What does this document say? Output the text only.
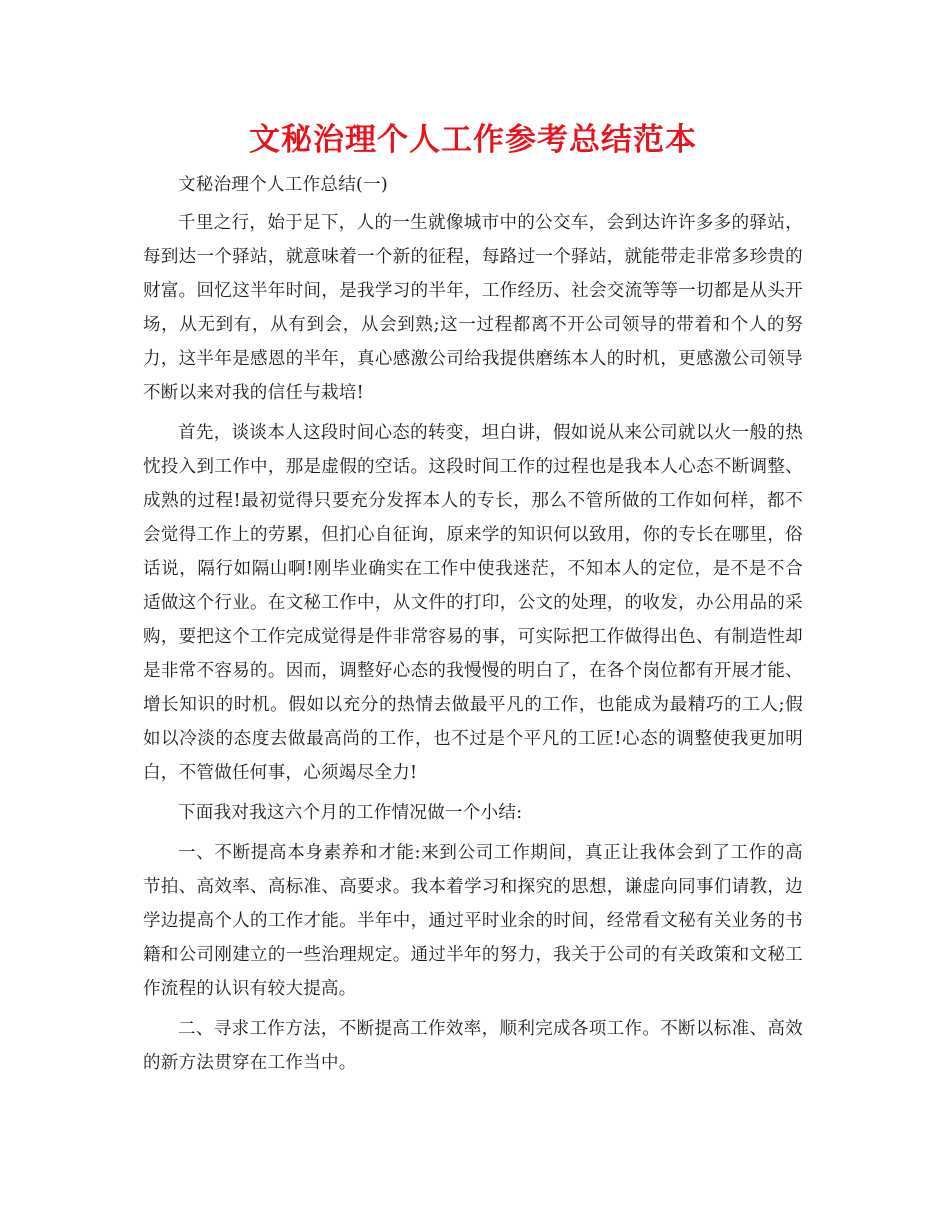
文秘治理个人工作参考总结范本

文秘治理个人工作总结(一)

千里之行，始于足下，人的一生就像城市中的公交车，会到达许许多多的驿站，每到达一个驿站，就意味着一个新的征程，每路过一个驿站，就能带走非常多珍贵的财富。回忆这半年时间，是我学习的半年，工作经历、社会交流等等一切都是从头开场，从无到有，从有到会，从会到熟;这一过程都离不开公司领导的带着和个人的努力，这半年是感恩的半年，真心感激公司给我提供磨练本人的时机，更感激公司领导不断以来对我的信任与栽培!

首先，谈谈本人这段时间心态的转变，坦白讲，假如说从来公司就以火一般的热忱投入到工作中，那是虚假的空话。这段时间工作的过程也是我本人心态不断调整、成熟的过程!最初觉得只要充分发挥本人的专长，那么不管所做的工作如何样，都不会觉得工作上的劳累，但扪心自征询，原来学的知识何以致用，你的专长在哪里，俗话说，隔行如隔山啊!刚毕业确实在工作中使我迷茫，不知本人的定位，是不是不合适做这个行业。在文秘工作中，从文件的打印，公文的处理，的收发，办公用品的采购，要把这个工作完成觉得是件非常容易的事，可实际把工作做得出色、有制造性却是非常不容易的。因而，调整好心态的我慢慢的明白了，在各个岗位都有开展才能、增长知识的时机。假如以充分的热情去做最平凡的工作，也能成为最精巧的工人;假如以冷淡的态度去做最高尚的工作，也不过是个平凡的工匠!心态的调整使我更加明白，不管做任何事，心须竭尽全力!

下面我对我这六个月的工作情况做一个小结:

一、不断提高本身素养和才能:来到公司工作期间，真正让我体会到了工作的高节拍、高效率、高标准、高要求。我本着学习和探究的思想，谦虚向同事们请教，边学边提高个人的工作才能。半年中，通过平时业余的时间，经常看文秘有关业务的书籍和公司刚建立的一些治理规定。通过半年的努力，我关于公司的有关政策和文秘工作流程的认识有较大提高。

二、寻求工作方法，不断提高工作效率，顺利完成各项工作。不断以标准、高效的新方法贯穿在工作当中。
